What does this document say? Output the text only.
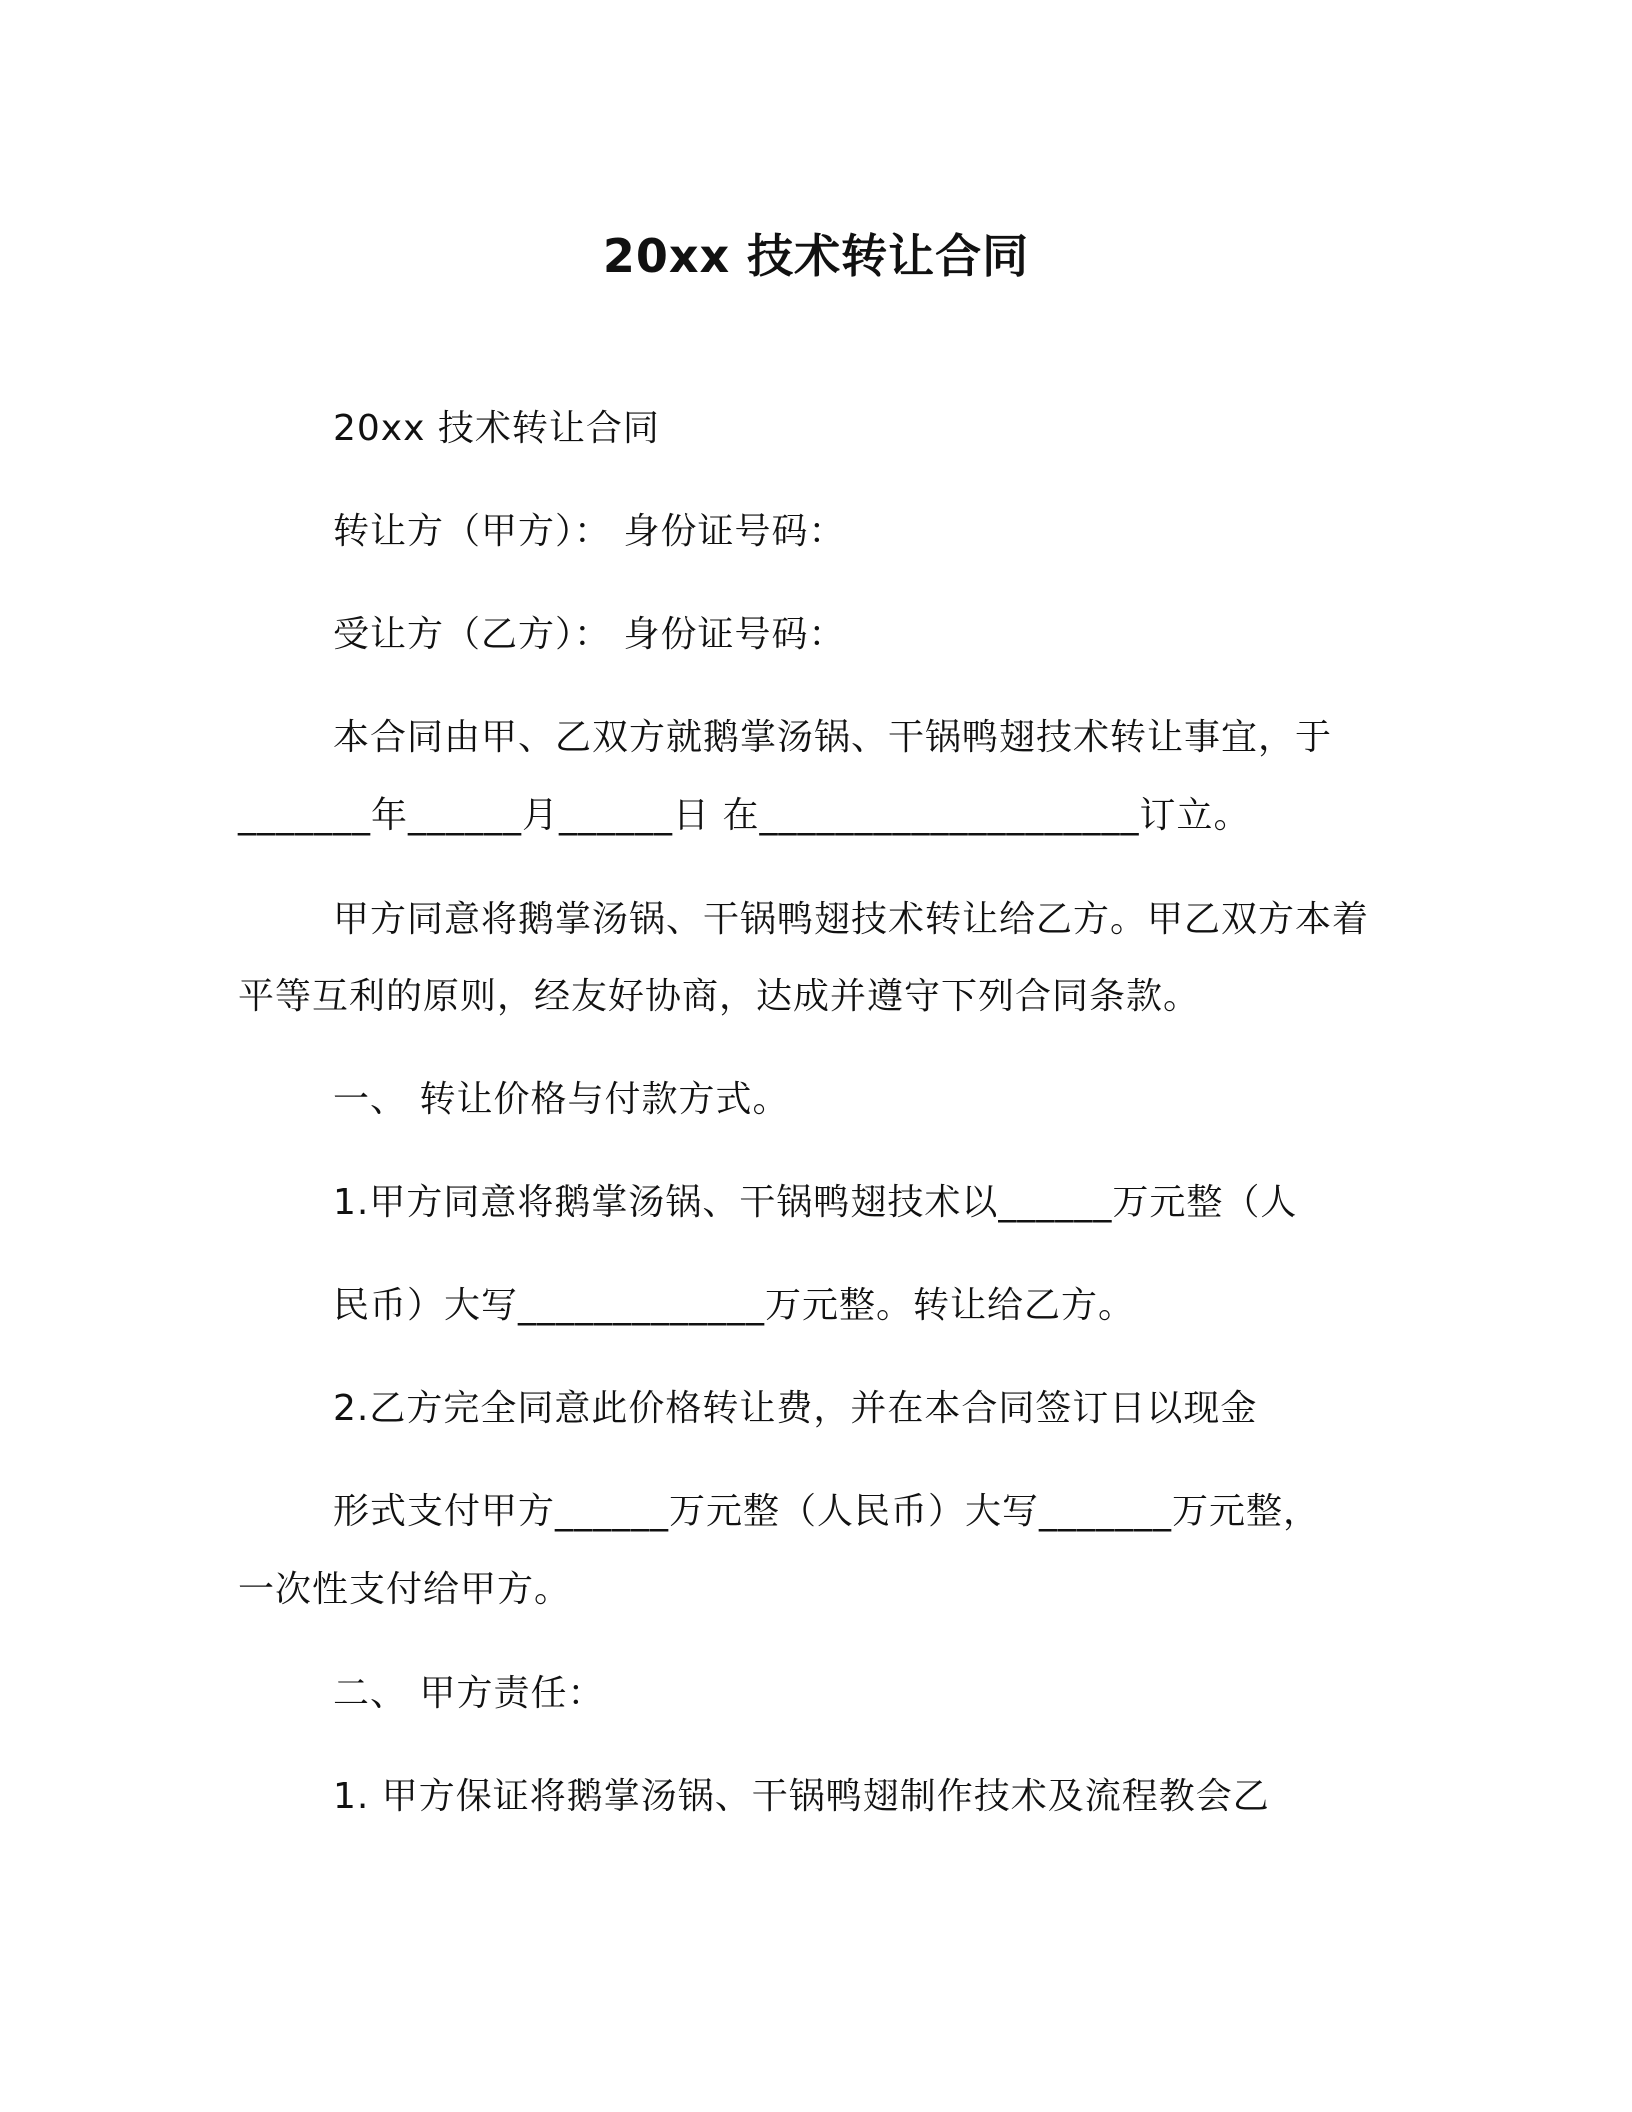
20xx 技术转让合同
20xx 技术转让合同
转让方（甲方）： 身份证号码：
受让方（乙方）： 身份证号码：
本合同由甲、乙双方就鹅掌汤锅、干锅鸭翅技术转让事宜，于
_______年______月______日 在____________________订立。
甲方同意将鹅掌汤锅、干锅鸭翅技术转让给乙方。甲乙双方本着
平等互利的原则，经友好协商，达成并遵守下列合同条款。
一、 转让价格与付款方式。
1.甲方同意将鹅掌汤锅、干锅鸭翅技术以______万元整（人
民币）大写_____________万元整。转让给乙方。
2.乙方完全同意此价格转让费，并在本合同签订日以现金
形式支付甲方______万元整（人民币）大写_______万元整，
一次性支付给甲方。
二、 甲方责任：
1. 甲方保证将鹅掌汤锅、干锅鸭翅制作技术及流程教会乙
